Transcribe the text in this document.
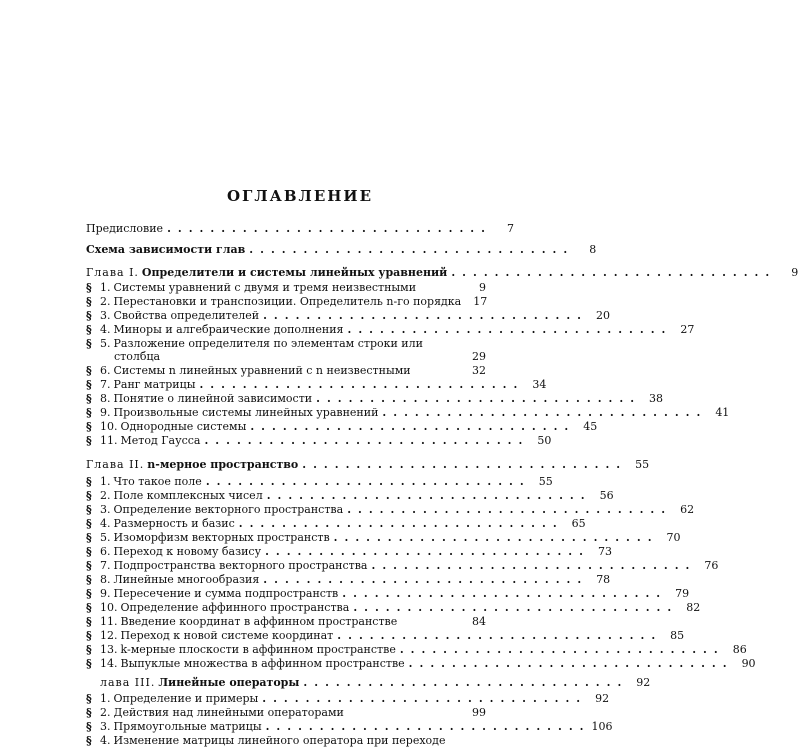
ОГЛАВЛЕНИЕ
Предисловие ..............................	7
Схема зависимости глав ..............................	8
Глава I. Определители и системы линейных уравнений ..............................	9
§ 1. Системы уравнений с двумя и тремя неизвестными	9
§ 2. Перестановки и транспозиции. Определитель n-го порядка	17
§ 3. Свойства определителей .............................. 20
§ 4. Миноры и алгебраические дополнения .............................. 27
§ 5. Разложение определителя по элементам строки или
столбца	29
§ 6. Системы n линейных уравнений с n неизвестными	32
§ 7. Ранг матрицы .............................. 34
§ 8. Понятие о линейной зависимости .............................. 38
§ 9. Произвольные системы линейных уравнений .............................. 41
§ 10. Однородные системы .............................. 45
§ 11. Метод Гаусса .............................. 50
Глава II. n-мерное пространство .............................. 55
§ 1. Что такое поле .............................. 55
§ 2. Поле комплексных чисел .............................. 56
§ 3. Определение векторного пространства .............................. 62
§ 4. Размерность и базис .............................. 65
§ 5. Изоморфизм векторных пространств .............................. 70
§ 6. Переход к новому базису .............................. 73
§ 7. Подпространства векторного пространства .............................. 76
§ 8. Линейные многообразия .............................. 78
§ 9. Пересечение и сумма подпространств .............................. 79
§ 10. Определение аффинного пространства .............................. 82
§ 11. Введение координат в аффинном пространстве	84
§ 12. Переход к новой системе координат .............................. 85
§ 13. k-мерные плоскости в аффинном пространстве .............................. 86
§ 14. Выпуклые множества в аффинном пространстве .............................. 90
лава III. Линейные операторы .............................. 92
§ 1. Определение и примеры .............................. 92
§ 2. Действия над линейными операторами	99
§ 3. Прямоугольные матрицы .............................. 106
§ 4. Изменение матрицы линейного оператора при переходе
